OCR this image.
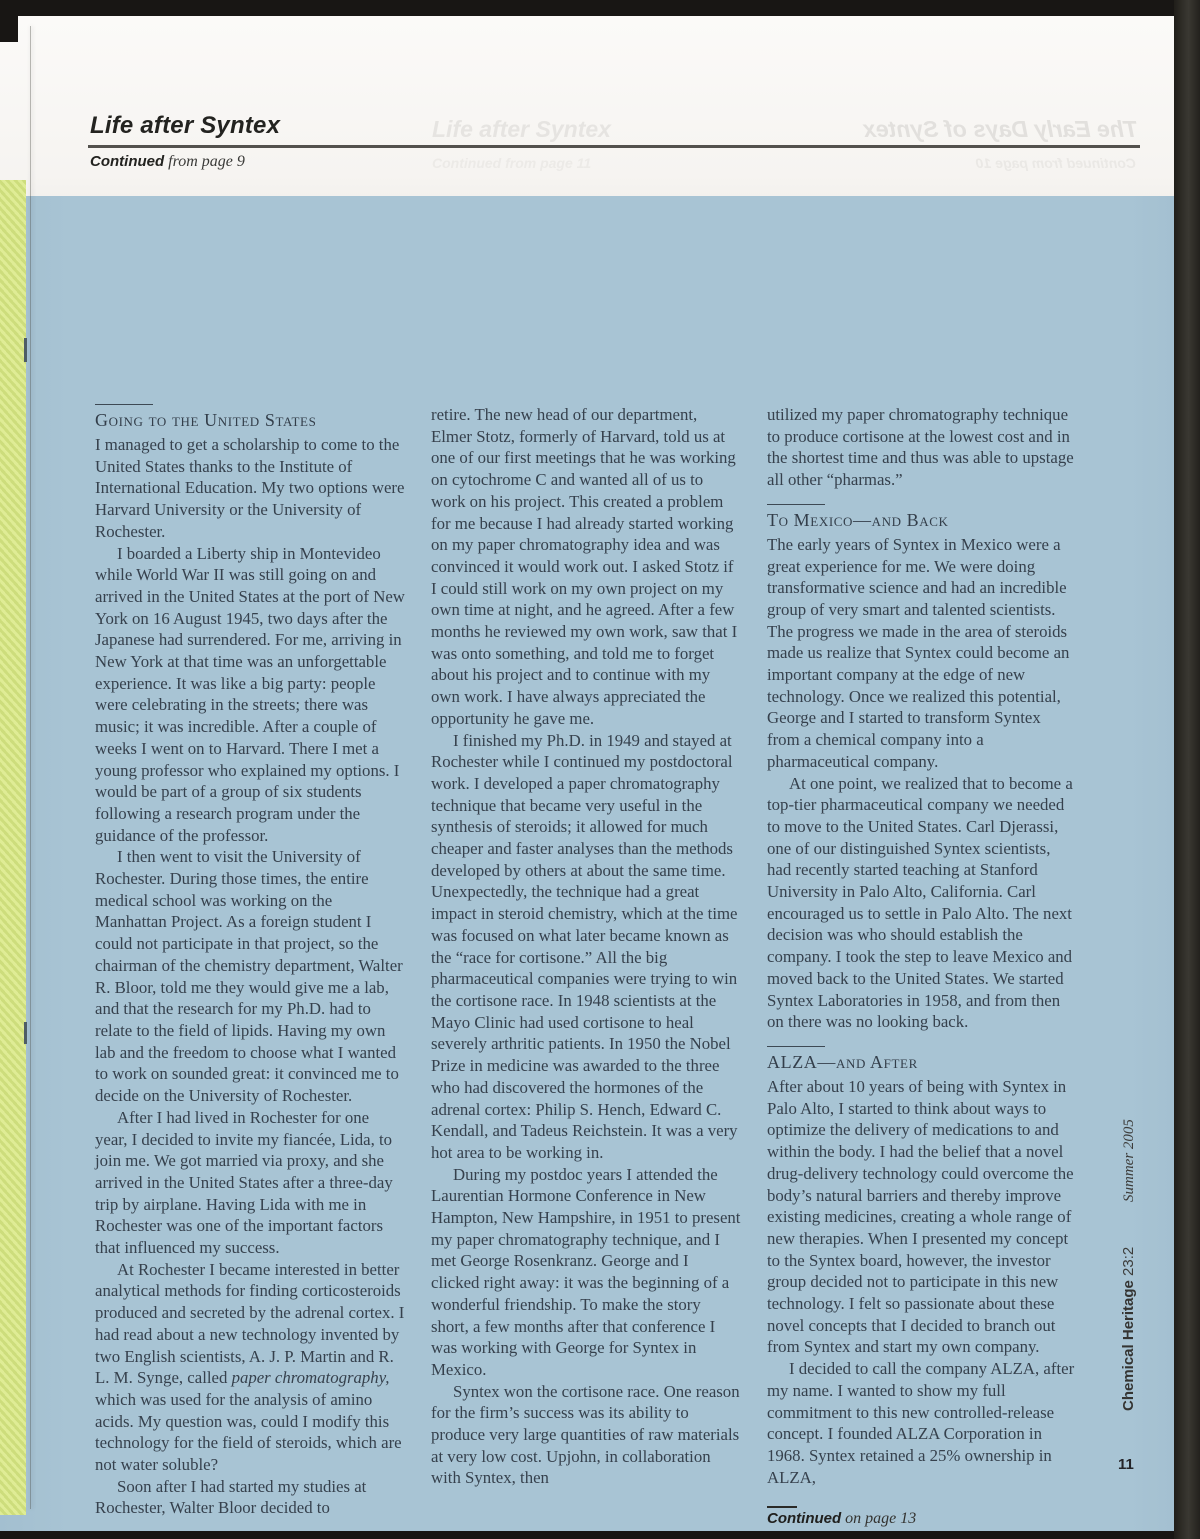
Life after Syntex
Continued from page 11
The Early Days of Syntex
Continued from page 10
Life after Syntex
Continued from page 9
Going to the United States

I managed to get a scholarship to come to the United States thanks to the Institute of International Education. My two options were Harvard University or the University of Rochester.

I boarded a Liberty ship in Montevideo while World War II was still going on and arrived in the United States at the port of New York on 16 August 1945, two days after the Japanese had surrendered. For me, arriving in New York at that time was an unforgettable experience. It was like a big party: people were celebrating in the streets; there was music; it was incredible. After a couple of weeks I went on to Harvard. There I met a young professor who explained my options. I would be part of a group of six students following a research program under the guidance of the professor.

I then went to visit the University of Rochester. During those times, the entire medical school was working on the Manhattan Project. As a foreign student I could not participate in that project, so the chairman of the chemistry department, Walter R. Bloor, told me they would give me a lab, and that the research for my Ph.D. had to relate to the field of lipids. Having my own lab and the freedom to choose what I wanted to work on sounded great: it convinced me to decide on the University of Rochester.

After I had lived in Rochester for one year, I decided to invite my fiancée, Lida, to join me. We got married via proxy, and she arrived in the United States after a three-day trip by airplane. Having Lida with me in Rochester was one of the important factors that influenced my success.

At Rochester I became interested in better analytical methods for finding corticosteroids produced and secreted by the adrenal cortex. I had read about a new technology invented by two English scientists, A. J. P. Martin and R. L. M. Synge, called paper chromatography, which was used for the analysis of amino acids. My question was, could I modify this technology for the field of steroids, which are not water soluble?

Soon after I had started my studies at Rochester, Walter Bloor decided to

retire. The new head of our department, Elmer Stotz, formerly of Harvard, told us at one of our first meetings that he was working on cytochrome C and wanted all of us to work on his project. This created a problem for me because I had already started working on my paper chromatography idea and was convinced it would work out. I asked Stotz if I could still work on my own project on my own time at night, and he agreed. After a few months he reviewed my own work, saw that I was onto something, and told me to forget about his project and to continue with my own work. I have always appreciated the opportunity he gave me.

I finished my Ph.D. in 1949 and stayed at Rochester while I continued my postdoctoral work. I developed a paper chromatography technique that became very useful in the synthesis of steroids; it allowed for much cheaper and faster analyses than the methods developed by others at about the same time. Unexpectedly, the technique had a great impact in steroid chemistry, which at the time was focused on what later became known as the “race for cortisone.” All the big pharmaceutical companies were trying to win the cortisone race. In 1948 scientists at the Mayo Clinic had used cortisone to heal severely arthritic patients. In 1950 the Nobel Prize in medicine was awarded to the three who had discovered the hormones of the adrenal cortex: Philip S. Hench, Edward C. Kendall, and Tadeus Reichstein. It was a very hot area to be working in.

During my postdoc years I attended the Laurentian Hormone Conference in New Hampton, New Hampshire, in 1951 to present my paper chromatography technique, and I met George Rosenkranz. George and I clicked right away: it was the beginning of a wonderful friendship. To make the story short, a few months after that conference I was working with George for Syntex in Mexico.

Syntex won the cortisone race. One reason for the firm’s success was its ability to produce very large quantities of raw materials at very low cost. Upjohn, in collaboration with Syntex, then

utilized my paper chromatography technique to produce cortisone at the lowest cost and in the shortest time and thus was able to upstage all other “pharmas.”

To Mexico—and Back

The early years of Syntex in Mexico were a great experience for me. We were doing transformative science and had an incredible group of very smart and talented scientists. The progress we made in the area of steroids made us realize that Syntex could become an important company at the edge of new technology. Once we realized this potential, George and I started to transform Syntex from a chemical company into a pharmaceutical company.

At one point, we realized that to become a top-tier pharmaceutical company we needed to move to the United States. Carl Djerassi, one of our distinguished Syntex scientists, had recently started teaching at Stanford University in Palo Alto, California. Carl encouraged us to settle in Palo Alto. The next decision was who should establish the company. I took the step to leave Mexico and moved back to the United States. We started Syntex Laboratories in 1958, and from then on there was no looking back.

ALZA—and After

After about 10 years of being with Syntex in Palo Alto, I started to think about ways to optimize the delivery of medications to and within the body. I had the belief that a novel drug-delivery technology could overcome the body’s natural barriers and thereby improve existing medicines, creating a whole range of new therapies. When I presented my concept to the Syntex board, however, the investor group decided not to participate in this new technology. I felt so passionate about these novel concepts that I decided to branch out from Syntex and start my own company.

I decided to call the company ALZA, after my name. I wanted to show my full commitment to this new controlled-release concept. I founded ALZA Corporation in 1968. Syntex retained a 25% ownership in ALZA,

Continued on page 13
Summer 2005
Chemical Heritage 23:2
11
